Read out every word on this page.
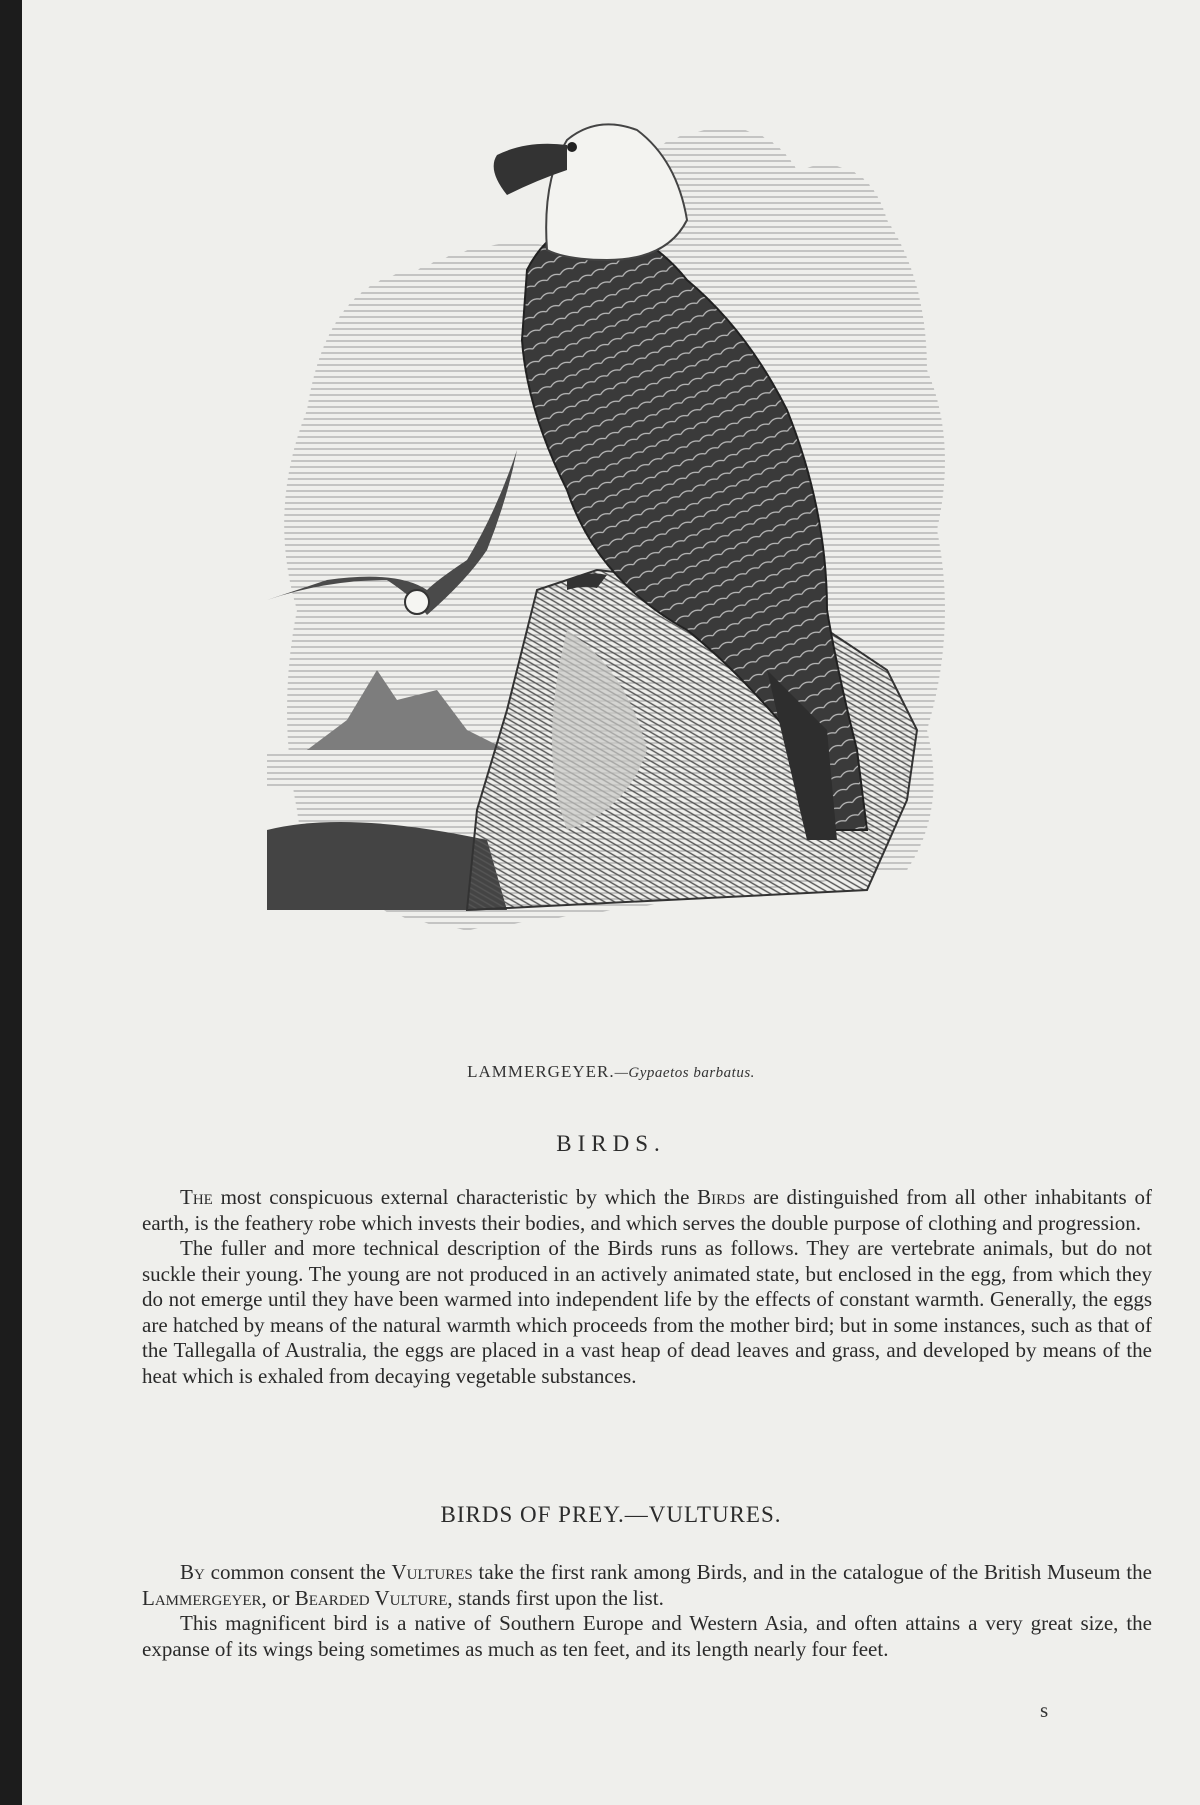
LAMMERGEYER.—Gypaetos barbatus.
BIRDS.

The most conspicuous external characteristic by which the Birds are distinguished from all other inhabitants of earth, is the feathery robe which invests their bodies, and which serves the double purpose of clothing and progression.

The fuller and more technical description of the Birds runs as follows. They are vertebrate animals, but do not suckle their young. The young are not produced in an actively animated state, but enclosed in the egg, from which they do not emerge until they have been warmed into independent life by the effects of constant warmth. Generally, the eggs are hatched by means of the natural warmth which proceeds from the mother bird; but in some instances, such as that of the Tallegalla of Australia, the eggs are placed in a vast heap of dead leaves and grass, and developed by means of the heat which is exhaled from decaying vegetable substances.

BIRDS OF PREY.—VULTURES.

By common consent the Vultures take the first rank among Birds, and in the catalogue of the British Museum the Lammergeyer, or Bearded Vulture, stands first upon the list.

This magnificent bird is a native of Southern Europe and Western Asia, and often attains a very great size, the expanse of its wings being sometimes as much as ten feet, and its length nearly four feet.

s
